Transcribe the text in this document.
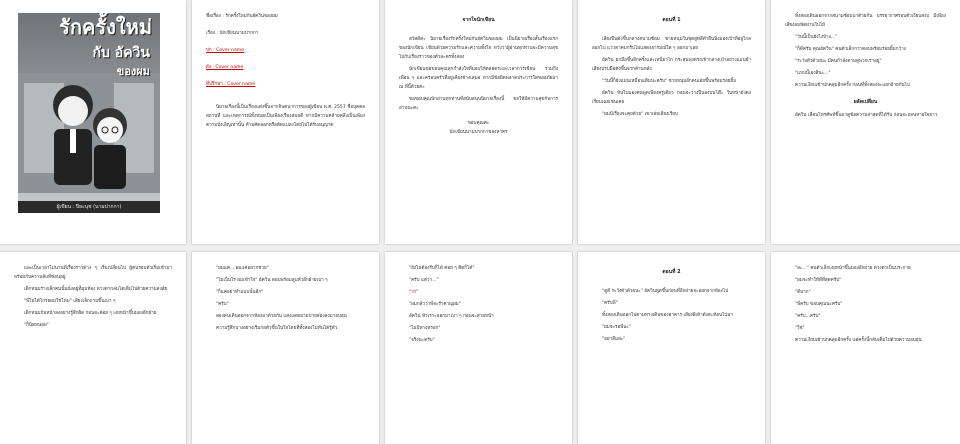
รักครั้งใหม่
กับ อัควิน
ของผม
ผู้เขียน : ปิยะนุช (นามปากกา)
ชื่อเรื่อง : รักครั้งใหม่กับอัควินของผม
เรื่อง : นักเขียนนามปากกา
ปก : Cover name
ผัง : Cover name
ที่ปรึกษา : Cover name

นิยายเรื่องนี้เป็นเรื่องแต่งขึ้นจากจินตนาการของผู้เขียน พ.ศ. 2557 ชื่อบุคคล สถานที่ และเหตุการณ์ทั้งหมดเป็นเพียงเรื่องสมมติ หากมีความคล้ายคลึงเป็นเพียงความบังเอิญเท่านั้น ห้ามคัดลอกหรือดัดแปลงโดยไม่ได้รับอนุญาต

จากใจนักเขียน

สวัสดีค่ะ นิยายเรื่องรักครั้งใหม่กับอัควินของผม เป็นนิยายเรื่องสั้นเรื่องแรกของนักเขียน เขียนด้วยความรักและความตั้งใจ หวังว่าผู้อ่านทุกท่านจะมีความสุขไปกับเรื่องราวของตัวละครทั้งสอง

นักเขียนขอขอบคุณทุกกำลังใจที่มอบให้ตลอดระยะเวลาการเขียน รวมถึงเพื่อน ๆ และครอบครัวที่อยู่เคียงข้างเสมอ หากมีข้อผิดพลาดประการใดขออภัยมา ณ ที่นี้ด้วยค่ะ

ขอขอบคุณนักอ่านทุกท่านที่สนับสนุนนิยายเรื่องนี้ ขอให้มีความสุขกับการอ่านนะคะ

ขอบคุณค่ะ
นักเขียนนามปากกาของหาคร
ตอนที่ 1

เสียงปืนดังขึ้นกลางสนามซ้อม ชายหนุ่มในชุดสูทสีดำยืนนิ่งมองเป้าที่อยู่ไกลออกไป แววตาคมกริบไม่แสดงอารมณ์ใด ๆ ออกมาเลย

อัควิน ยกมือขึ้นอีกครั้งและเหนี่ยวไก กระสุนพุ่งตรงเข้ากลางเป้าอย่างแม่นยำ เสียงปรบมือดังขึ้นจากด้านหลัง

"วันนี้ก็ยังแม่นเหมือนเดิมนะครับ" ชายหนุ่มอีกคนเอ่ยขึ้นพร้อมรอยยิ้ม

อัควิน หันไปมองคนพูดเพียงครู่เดียว ก่อนจะวางปืนลงบนโต๊ะ ใบหน้ายังคงเรียบเฉยเช่นเคย

"ผมมีเรื่องจะคุยด้วย" เขาเอ่ยเสียงเรียบ

ทั้งสองเดินออกจากสนามซ้อมมาด้วยกัน บรรยากาศรอบตัวเงียบสงบ มีเพียงเสียงลมพัดผ่านใบไม้

"วันนี้เป็นยังไงบ้าง..."

"ก็ดีครับ คุณอัควิน" คนตัวเล็กกว่าตอบพร้อมรอยยิ้มกว้าง

"ระวังตัวด้วยนะ มีคนกำลังตามดูพวกเราอยู่"

"แบบนี้เองสินะ..."

ความเงียบเข้าปกคลุมอีกครั้ง ก่อนที่ทั้งสองจะแยกย้ายกันไป

ผลัดเปลี่ยน

อัควิน เลื่อนโทรศัพท์ขึ้นมาดูข้อความล่าสุดที่ได้รับ ก่อนจะถอนหายใจยาว

และเป็นเวลาไม่นานที่เรื่องราวต่าง ๆ เริ่มเปลี่ยนไป ผู้คนรอบตัวเริ่มเข้ามาพร้อมกับความลับที่ซ่อนอยู่

เด็กหนุ่มร่างเล็กคนนั้นนั่งอยู่ที่มุมห้อง ดวงตากลมโตเต็มไปด้วยความสงสัย

"พี่ไม่ได้โกรธผมใช่ไหม" เสียงเล็กถามขึ้นเบา ๆ

เด็กหนุ่มก้มหน้าลงอย่างรู้สึกผิด ก่อนจะค่อย ๆ เงยหน้าขึ้นมองอีกฝ่าย

"ก็นิดหน่อย"

"ผมแค่... ผมแค่อยากช่วย"

"ไม่เป็นไร ผมเข้าใจ" อัควิน ตอบพร้อมลูบหัวอีกฝ่ายเบา ๆ

"ก็แค่อย่าทำแบบนั้นอีก"

"ครับ"

สองคนเดินออกจากห้องมาด้วยกัน แสงแดดยามบ่ายส่องลงมาอบอุ่น

ความรู้สึกบางอย่างเริ่มก่อตัวขึ้นในใจโดยที่ทั้งสองไม่ทันได้รู้ตัว

"ยังไม่ต้องรีบก็ได้ ค่อย ๆ คิดก็ได้"

"ครับ แต่ว่า..."

"ว่า"

"ผมกลัวว่าพี่จะรำคาญผม"

อัควิน หัวเราะออกมาเบา ๆ ก่อนจะส่ายหน้า

"ไม่มีทางหรอก"

"จริงนะครับ"

ตอนที่ 2

"ดูดี ระวังตัวด้วยนะ" อัควินพูดขึ้นก่อนที่อีกฝ่ายจะออกจากห้องไป

"ครับพี่"

ทั้งสองเดินออกไปตามทางเดินของอาคาร เสียงฝีเท้าดังสะท้อนไปมา

"ผมจะรอพี่นะ"

"อย่าลืมล่ะ"

"ละ..." คนตัวเล็กเงยหน้าขึ้นมองอีกฝ่าย ดวงตาเป็นประกาย

"ผมจะทำให้ดีที่สุดครับ"

"ดีมาก"

"พี่ครับ ขอบคุณนะครับ"

"ครับ...ครับ"

"ใช่"

ความเงียบเข้าปกคลุมอีกครั้ง แต่ครั้งนี้กลับเต็มไปด้วยความอบอุ่น
